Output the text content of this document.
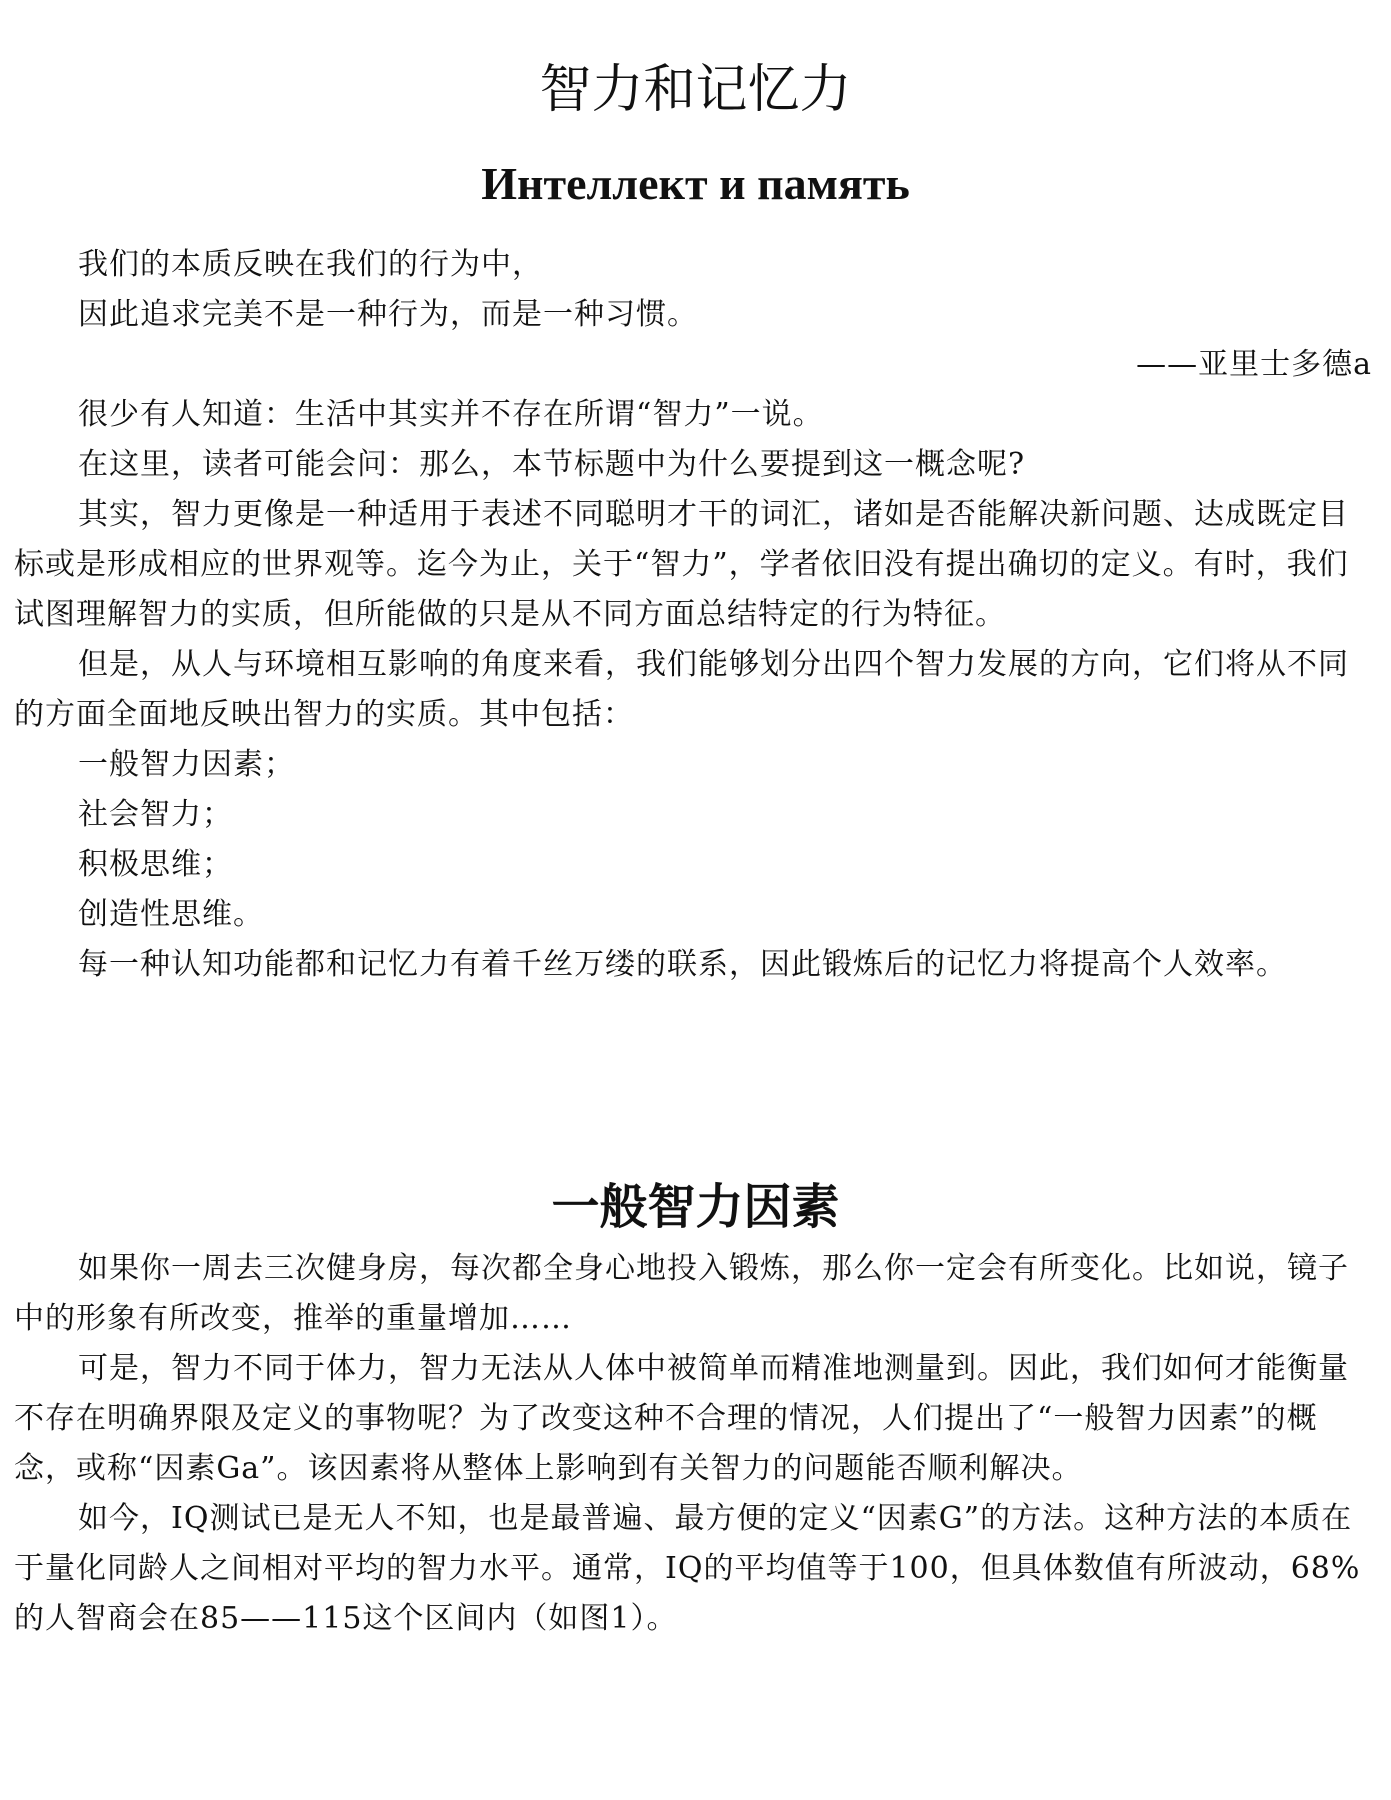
智力和记忆力
Интеллект и память

我们的本质反映在我们的行为中，

因此追求完美不是一种行为，而是一种习惯。

——亚里士多德a

很少有人知道：生活中其实并不存在所谓“智力”一说。

在这里，读者可能会问：那么，本节标题中为什么要提到这一概念呢?

其实，智力更像是一种适用于表述不同聪明才干的词汇，诸如是否能解决新问题、达成既定目标或是形成相应的世界观等。迄今为止，关于“智力”，学者依旧没有提出确切的定义。有时，我们试图理解智力的实质，但所能做的只是从不同方面总结特定的行为特征。

但是，从人与环境相互影响的角度来看，我们能够划分出四个智力发展的方向，它们将从不同的方面全面地反映出智力的实质。其中包括：

一般智力因素；

社会智力；

积极思维；

创造性思维。

每一种认知功能都和记忆力有着千丝万缕的联系，因此锻炼后的记忆力将提高个人效率。

一般智力因素

如果你一周去三次健身房，每次都全身心地投入锻炼，那么你一定会有所变化。比如说，镜子中的形象有所改变，推举的重量增加……

可是，智力不同于体力，智力无法从人体中被简单而精准地测量到。因此，我们如何才能衡量不存在明确界限及定义的事物呢？为了改变这种不合理的情况，人们提出了“一般智力因素”的概念，或称“因素Ga”。该因素将从整体上影响到有关智力的问题能否顺利解决。

如今，IQ测试已是无人不知，也是最普遍、最方便的定义“因素G”的方法。这种方法的本质在于量化同龄人之间相对平均的智力水平。通常，IQ的平均值等于100，但具体数值有所波动，68%的人智商会在85——115这个区间内（如图1）。
